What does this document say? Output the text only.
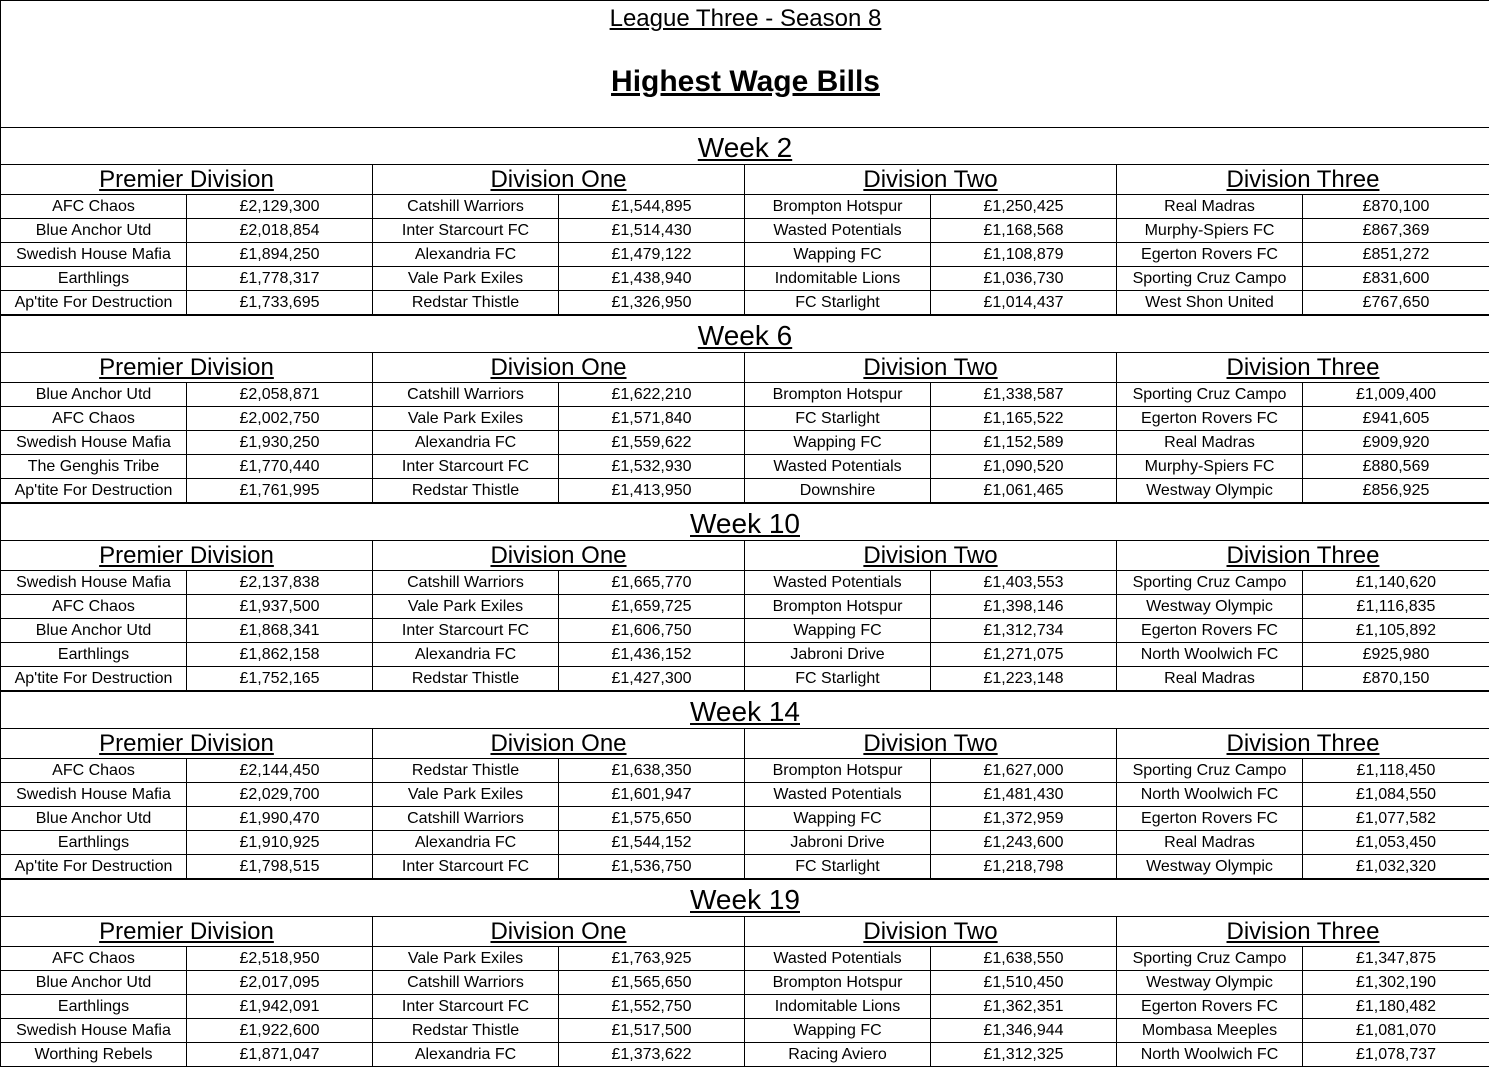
League Three - Season 8
Highest Wage Bills
Week 2
Premier Division
AFC Chaos	£2,129,300
Blue Anchor Utd	£2,018,854
Swedish House Mafia	£1,894,250
Earthlings	£1,778,317
Ap'tite For Destruction	£1,733,695
Division One
Catshill Warriors	£1,544,895
Inter Starcourt FC	£1,514,430
Alexandria FC	£1,479,122
Vale Park Exiles	£1,438,940
Redstar Thistle	£1,326,950
Division Two
Brompton Hotspur	£1,250,425
Wasted Potentials	£1,168,568
Wapping FC	£1,108,879
Indomitable Lions	£1,036,730
FC Starlight	£1,014,437
Division Three
Real Madras	£870,100
Murphy-Spiers FC	£867,369
Egerton Rovers FC	£851,272
Sporting Cruz Campo	£831,600
West Shon United	£767,650
Week 6
Premier Division
Blue Anchor Utd	£2,058,871
AFC Chaos	£2,002,750
Swedish House Mafia	£1,930,250
The Genghis Tribe	£1,770,440
Ap'tite For Destruction	£1,761,995
Division One
Catshill Warriors	£1,622,210
Vale Park Exiles	£1,571,840
Alexandria FC	£1,559,622
Inter Starcourt FC	£1,532,930
Redstar Thistle	£1,413,950
Division Two
Brompton Hotspur	£1,338,587
FC Starlight	£1,165,522
Wapping FC	£1,152,589
Wasted Potentials	£1,090,520
Downshire	£1,061,465
Division Three
Sporting Cruz Campo	£1,009,400
Egerton Rovers FC	£941,605
Real Madras	£909,920
Murphy-Spiers FC	£880,569
Westway Olympic	£856,925
Week 10
Premier Division
Swedish House Mafia	£2,137,838
AFC Chaos	£1,937,500
Blue Anchor Utd	£1,868,341
Earthlings	£1,862,158
Ap'tite For Destruction	£1,752,165
Division One
Catshill Warriors	£1,665,770
Vale Park Exiles	£1,659,725
Inter Starcourt FC	£1,606,750
Alexandria FC	£1,436,152
Redstar Thistle	£1,427,300
Division Two
Wasted Potentials	£1,403,553
Brompton Hotspur	£1,398,146
Wapping FC	£1,312,734
Jabroni Drive	£1,271,075
FC Starlight	£1,223,148
Division Three
Sporting Cruz Campo	£1,140,620
Westway Olympic	£1,116,835
Egerton Rovers FC	£1,105,892
North Woolwich FC	£925,980
Real Madras	£870,150
Week 14
Premier Division
AFC Chaos	£2,144,450
Swedish House Mafia	£2,029,700
Blue Anchor Utd	£1,990,470
Earthlings	£1,910,925
Ap'tite For Destruction	£1,798,515
Division One
Redstar Thistle	£1,638,350
Vale Park Exiles	£1,601,947
Catshill Warriors	£1,575,650
Alexandria FC	£1,544,152
Inter Starcourt FC	£1,536,750
Division Two
Brompton Hotspur	£1,627,000
Wasted Potentials	£1,481,430
Wapping FC	£1,372,959
Jabroni Drive	£1,243,600
FC Starlight	£1,218,798
Division Three
Sporting Cruz Campo	£1,118,450
North Woolwich FC	£1,084,550
Egerton Rovers FC	£1,077,582
Real Madras	£1,053,450
Westway Olympic	£1,032,320
Week 19
Premier Division
AFC Chaos	£2,518,950
Blue Anchor Utd	£2,017,095
Earthlings	£1,942,091
Swedish House Mafia	£1,922,600
Worthing Rebels	£1,871,047
Division One
Vale Park Exiles	£1,763,925
Catshill Warriors	£1,565,650
Inter Starcourt FC	£1,552,750
Redstar Thistle	£1,517,500
Alexandria FC	£1,373,622
Division Two
Wasted Potentials	£1,638,550
Brompton Hotspur	£1,510,450
Indomitable Lions	£1,362,351
Wapping FC	£1,346,944
Racing Aviero	£1,312,325
Division Three
Sporting Cruz Campo	£1,347,875
Westway Olympic	£1,302,190
Egerton Rovers FC	£1,180,482
Mombasa Meeples	£1,081,070
North Woolwich FC	£1,078,737
